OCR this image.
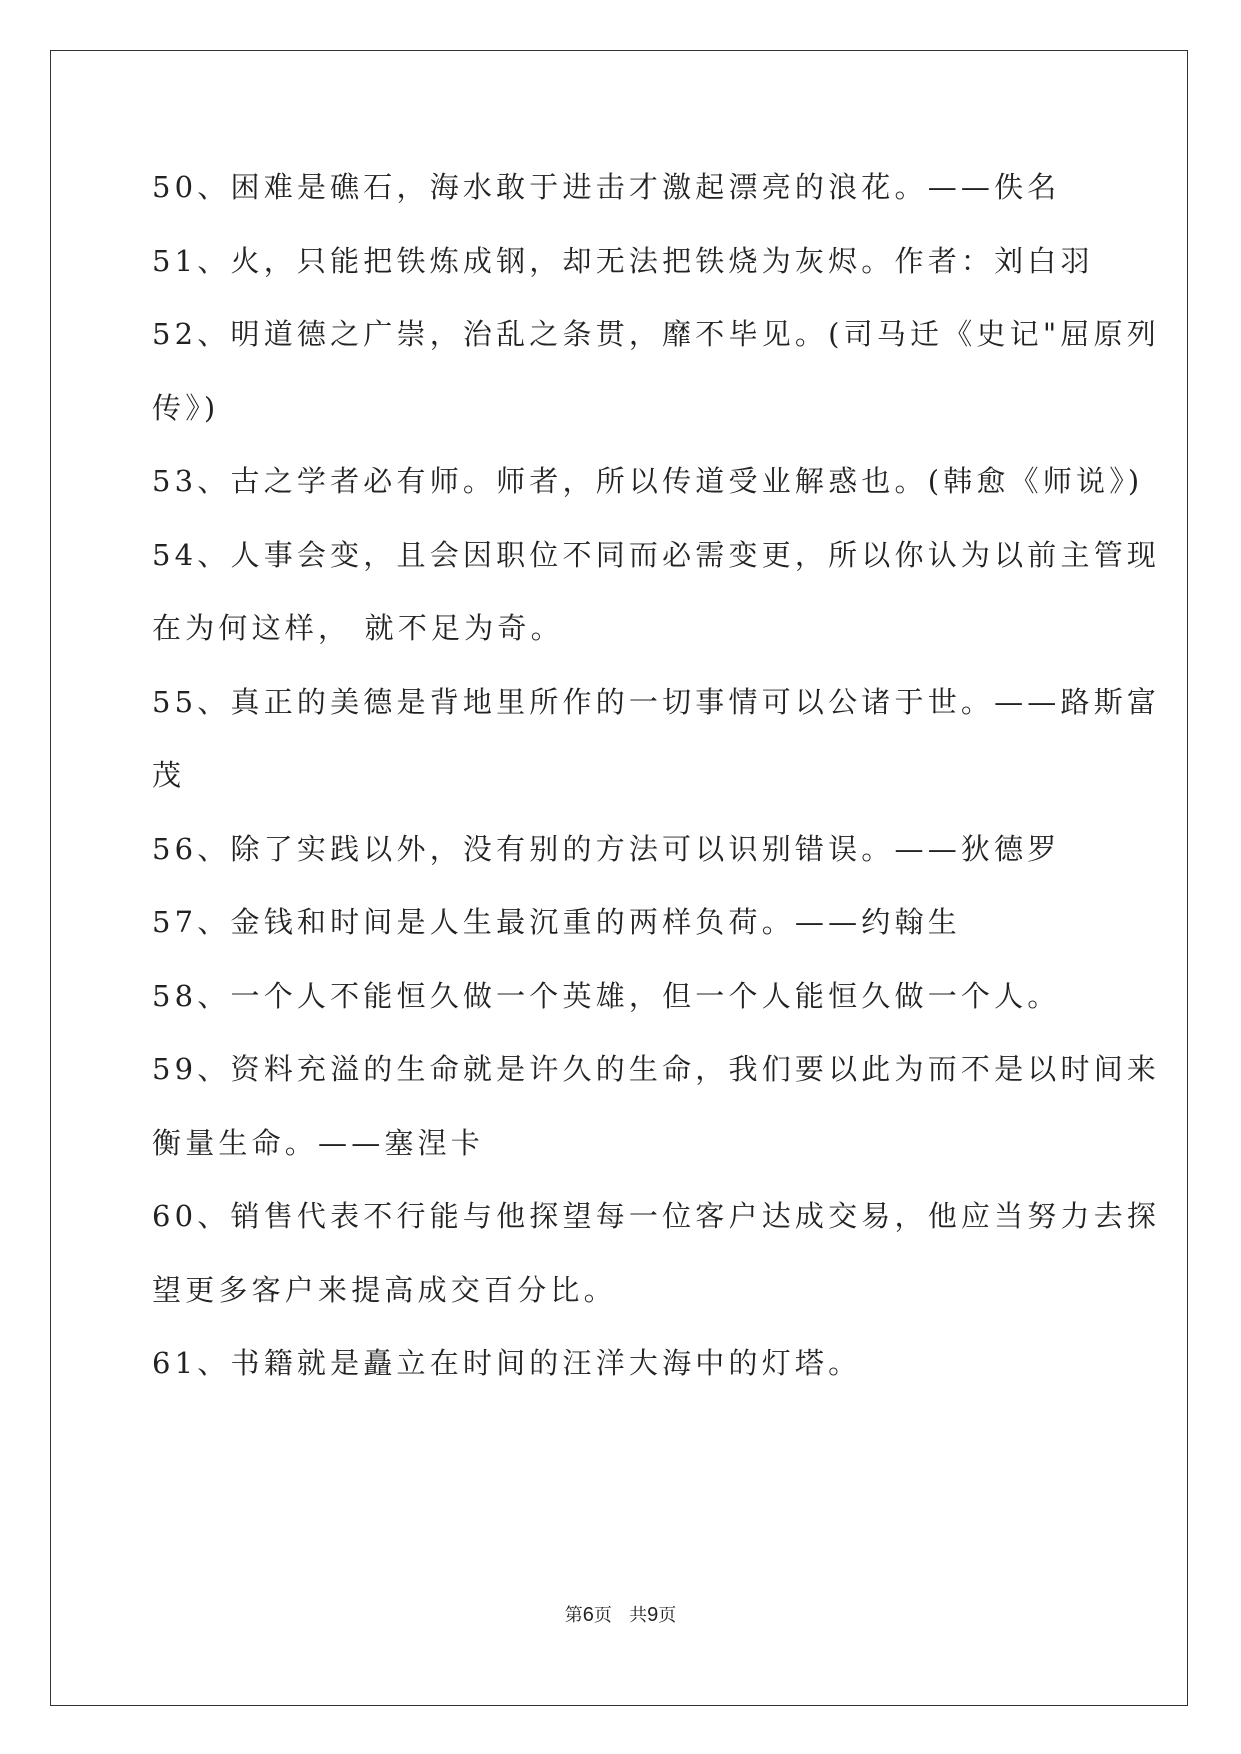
50、困难是礁石，海水敢于进击才激起漂亮的浪花。——佚名
51、火，只能把铁炼成钢，却无法把铁烧为灰烬。作者：刘白羽
52、明道德之广崇，治乱之条贯，靡不毕见。(司马迁《史记"屈原列
传》)
53、古之学者必有师。师者，所以传道受业解惑也。(韩愈《师说》)
54、人事会变，且会因职位不同而必需变更，所以你认为以前主管现
在为何这样， 就不足为奇。
55、真正的美德是背地里所作的一切事情可以公诸于世。——路斯富
茂
56、除了实践以外，没有别的方法可以识别错误。——狄德罗
57、金钱和时间是人生最沉重的两样负荷。——约翰生
58、一个人不能恒久做一个英雄，但一个人能恒久做一个人。
59、资料充溢的生命就是许久的生命，我们要以此为而不是以时间来
衡量生命。——塞涅卡
60、销售代表不行能与他探望每一位客户达成交易，他应当努力去探
望更多客户来提高成交百分比。
61、书籍就是矗立在时间的汪洋大海中的灯塔。
第6页   共9页
